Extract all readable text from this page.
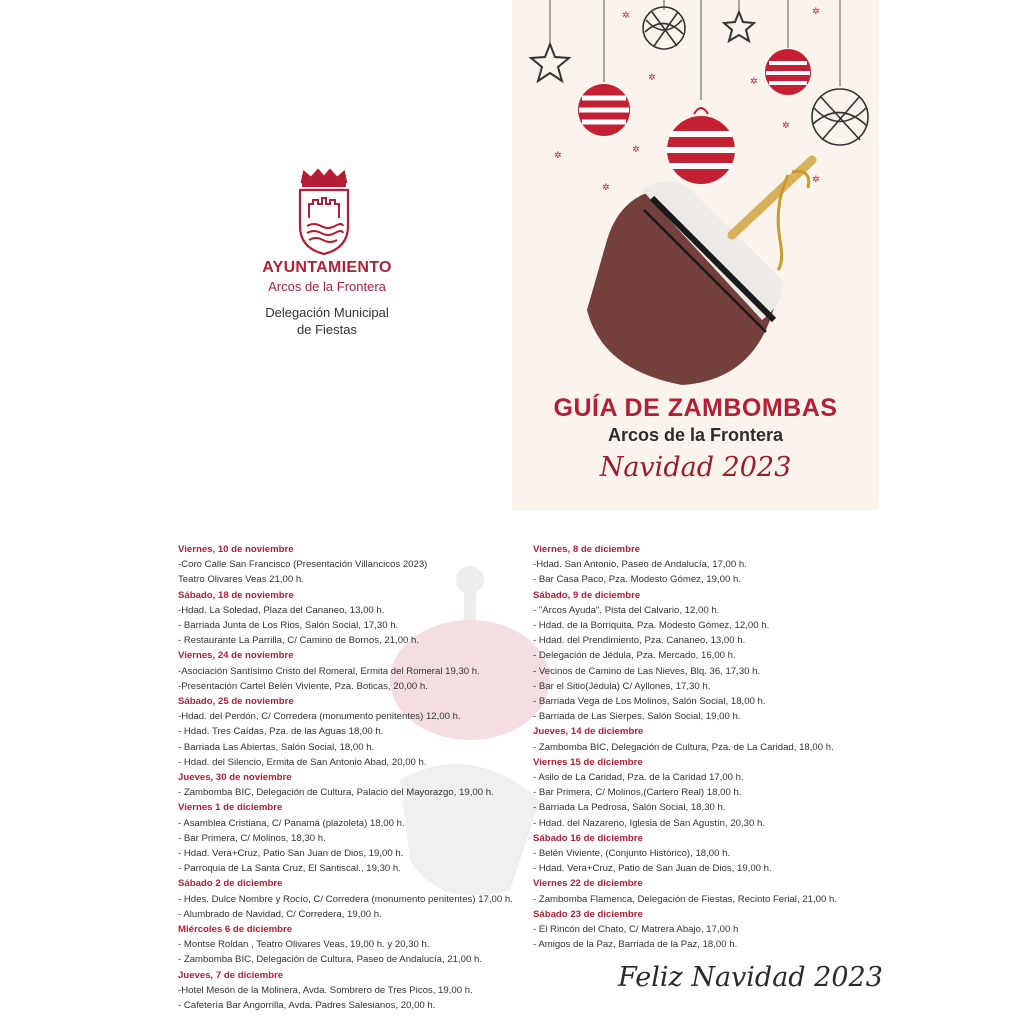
AYUNTAMIENTO
Arcos de la Frontera
Delegación Municipal
de Fiestas
✲	✲
✲	✲
✲
✲
✲
✲
✲
GUÍA DE ZAMBOMBAS
Arcos de la Frontera
Navidad 2023
Viernes, 10 de noviembre
-Coro Calle San Francisco (Presentación Villancicos 2023)
Teatro Olivares Veas 21,00 h.
Sábado, 18 de noviembre
-Hdad. La Soledad, Plaza del Cananeo, 13,00 h.
- Barriada Junta de Los Rios, Salón Social, 17,30 h.
- Restaurante La Parrilla, C/ Camino de Bornos, 21,00 h.
Viernes, 24 de noviembre
-Asociación Santísimo Cristo del Romeral, Ermita del Romeral 19,30 h.
-Presentación Cartel Belén Viviente, Pza. Boticas, 20,00 h.
Sábado, 25 de noviembre
-Hdad. del Perdón, C/ Corredera (monumento penitentes) 12,00 h.
- Hdad. Tres Caídas, Pza. de las Aguas 18,00 h.
- Barriada Las Abiertas, Salón Social, 18,00 h.
- Hdad. del Silencio, Ermita de San Antonio Abad, 20,00 h.
Jueves, 30 de noviembre
- Zambomba BIC, Delegación de Cultura, Palacio del Mayorazgo, 19,00 h.
Viernes 1 de diciembre
- Asamblea Cristiana, C/ Panamá (plazoleta) 18,00 h.
- Bar Primera, C/ Molinos, 18,30 h.
- Hdad. Vera+Cruz, Patio San Juan de Dios, 19,00 h.
- Parroquia de La Santa Cruz, El Santiscal., 19,30 h.
Sábado 2 de diciembre
- Hdes. Dulce Nombre y Rocío, C/ Corredera (monumento penitentes) 17,00 h.
- Alumbrado de Navidad, C/ Corredera, 19,00 h.
Miércoles 6 de diciembre
- Montse Roldan , Teatro Olivares Veas, 19,00 h. y 20,30 h.
- Zambomba BIC, Delegación de Cultura, Paseo de Andalucía, 21,00 h.
Jueves, 7 de diciembre
-Hotel Mesón de la Molinera, Avda. Sombrero de Tres Picos, 19,00 h.
- Cafetería Bar Angorrilla, Avda. Padres Salesianos, 20,00 h.
Viernes, 8 de diciembre
-Hdad. San Antonio, Paseo de Andalucía, 17,00 h.
- Bar Casa Paco, Pza. Modesto Gómez, 19,00 h.
Sábado, 9 de diciembre
- "Arcos Ayuda", Pista del Calvario, 12,00 h.
- Hdad. de la Borriquita, Pza. Modesto Gómez, 12,00 h.
- Hdad. del Prendimiento, Pza. Cananeo, 13,00 h.
- Delegación de Jédula, Pza. Mercado, 16,00 h.
- Vecinos de Camino de Las Nieves, Blq. 36, 17,30 h.
- Bar el Sitio(Jédula) C/ Ayllones, 17,30 h.
- Barriada Vega de Los Molinos, Salón Social, 18,00 h.
- Barriada de Las Sierpes, Salón Social, 19,00 h.
Jueves, 14 de diciembre
- Zambomba BIC, Delegación de Cultura, Pza. de La Caridad, 18,00 h.
Viernes 15 de diciembre
- Asilo de La Caridad, Pza. de la Caridad 17,00 h.
- Bar Primera, C/ Molinos,(Cartero Real) 18,00 h.
- Barriada La Pedrosa, Salón Social, 18,30 h.
- Hdad. del Nazareno, Iglesia de San Agustín, 20,30 h.
Sábado 16 de diciembre
- Belén Viviente, (Conjunto Histórico), 18,00 h.
- Hdad. Vera+Cruz, Patio de San Juan de Dios, 19,00 h.
Viernes 22 de diciembre
- Zambomba Flamenca, Delegación de Fiestas, Recinto Ferial, 21,00 h.
Sábado 23 de diciembre
- El Rincón del Chato, C/ Matrera Abajo, 17,00 h
- Amigos de la Paz, Barriada de la Paz, 18,00 h.
Feliz Navidad 2023
